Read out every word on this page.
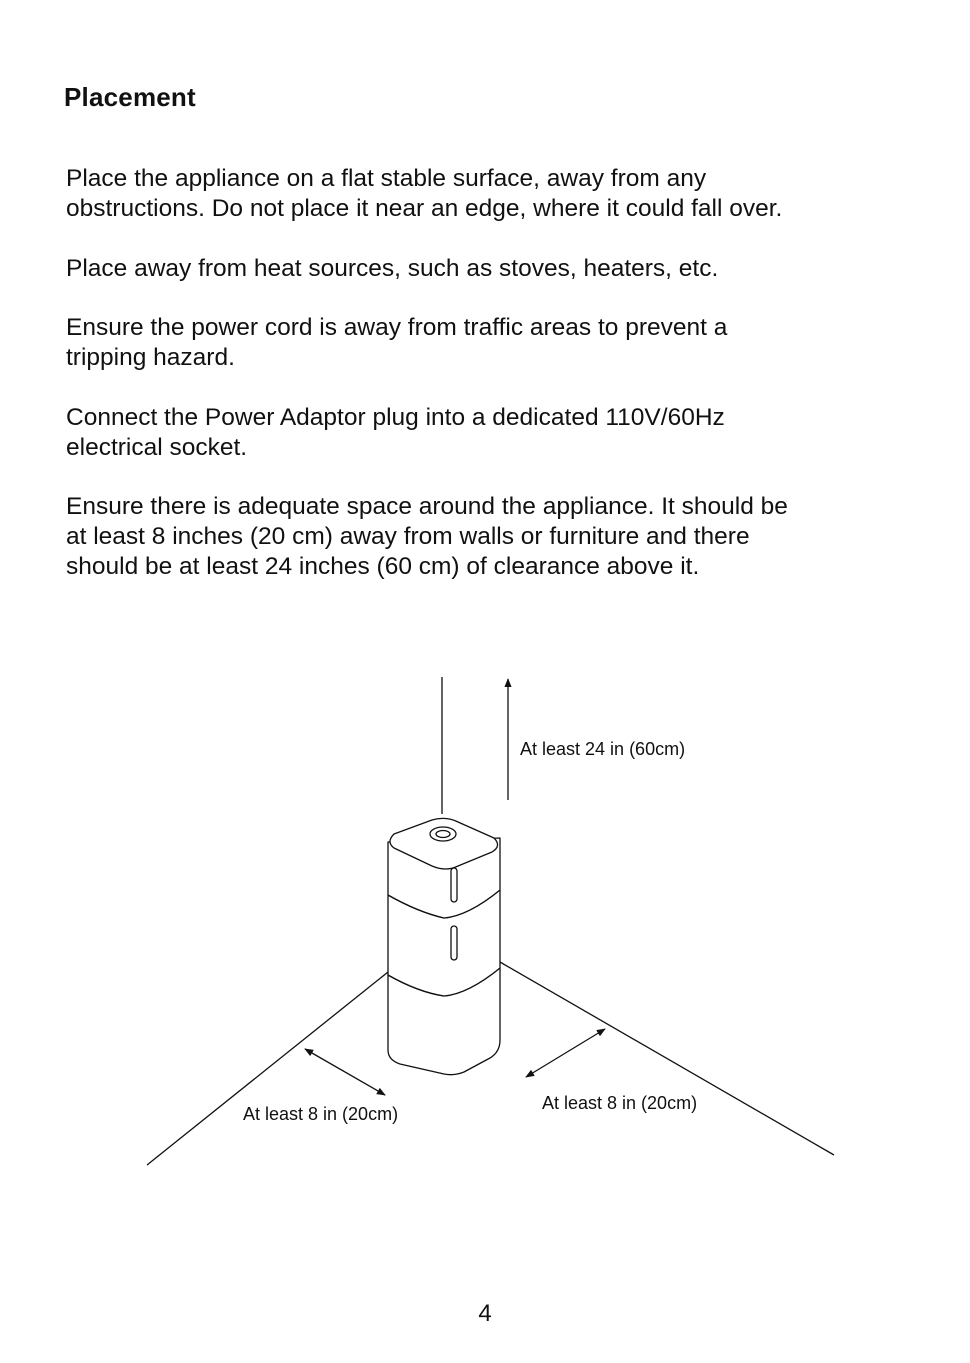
Placement

Place the appliance on a flat stable surface, away from any
obstructions. Do not place it near an edge, where it could fall over.

Place away from heat sources, such as stoves, heaters, etc.

Ensure the power cord is away from traffic areas to prevent a
tripping hazard.

Connect the Power Adaptor plug into a dedicated 110V/60Hz
electrical socket.

Ensure there is adequate space around the appliance. It should be
at least 8 inches (20 cm) away from walls or furniture and there
should be at least 24 inches (60 cm) of clearance above it.

At least 24 in (60cm)
At least 8 in (20cm)
At least 8 in (20cm)

4
